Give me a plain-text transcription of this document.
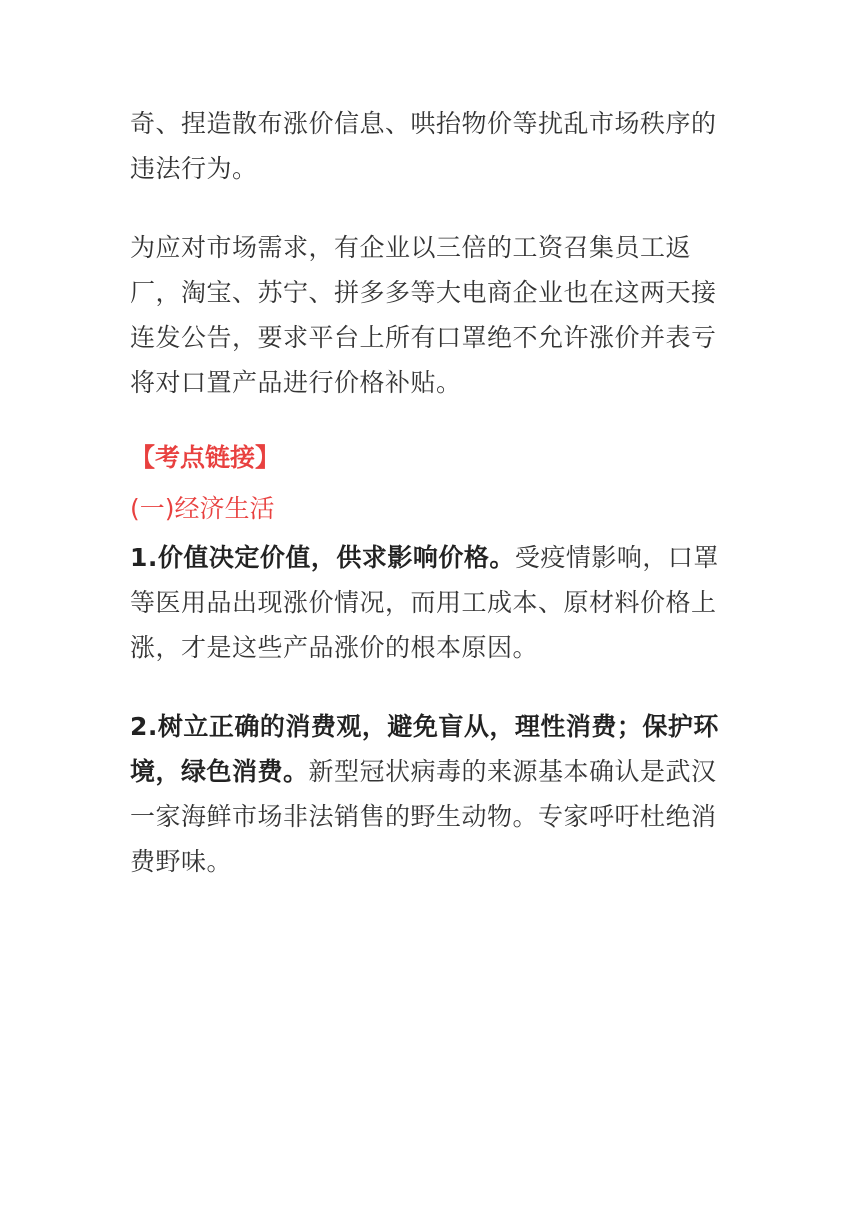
奇、捏造散布涨价信息、哄抬物价等扰乱市场秩序的违法行为。

为应对市场需求，有企业以三倍的工资召集员工返厂，淘宝、苏宁、拼多多等大电商企业也在这两天接连发公告，要求平台上所有口罩绝不允许涨价并表亏将对口置产品进行价格补贴。

【考点链接】

(一)经济生活

1.价值决定价值，供求影响价格。受疫情影响，口罩等医用品出现涨价情况，而用工成本、原材料价格上涨，才是这些产品涨价的根本原因。

2.树立正确的消费观，避免盲从，理性消费；保护环境，绿色消费。新型冠状病毒的来源基本确认是武汉一家海鲜市场非法销售的野生动物。专家呼吁杜绝消费野味。
